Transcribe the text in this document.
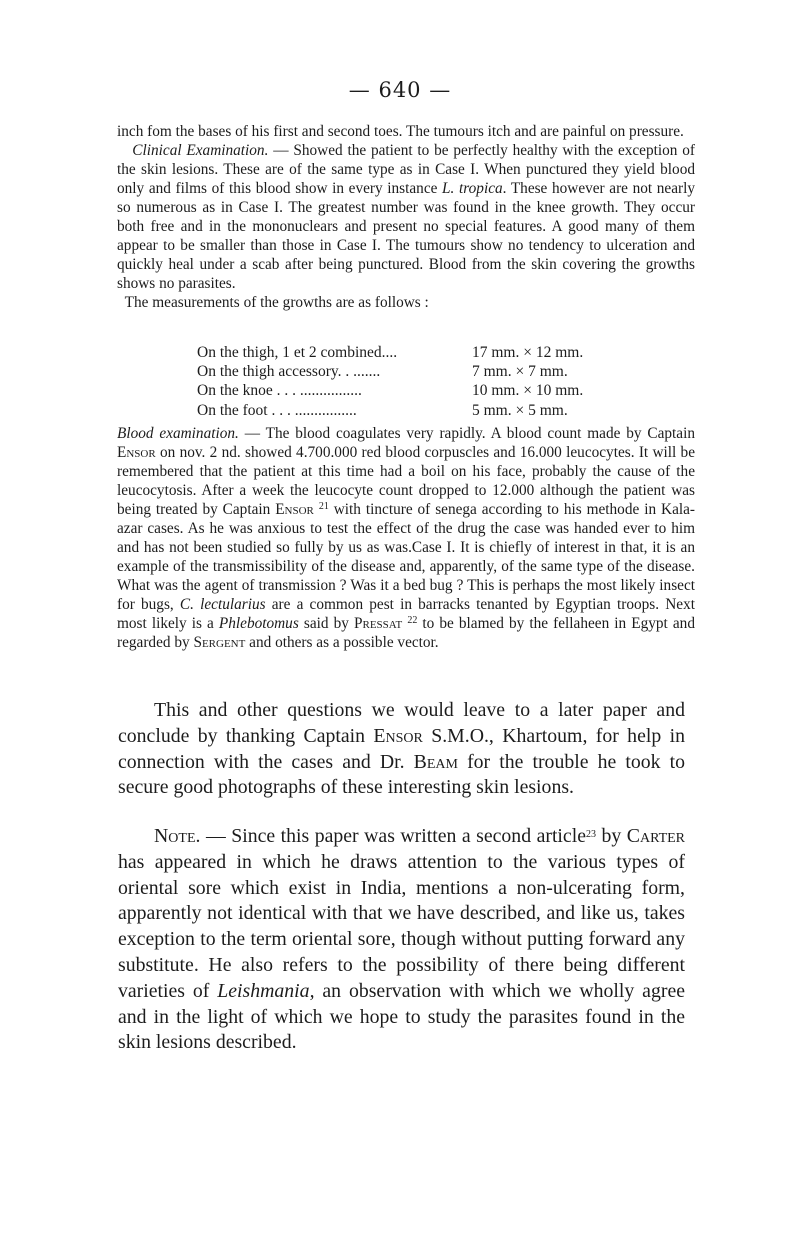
— 640 —

inch fom the bases of his first and second toes. The tumours itch and are painful on pressure.

 Clinical Examination. — Showed the patient to be perfectly healthy with the exception of the skin lesions. These are of the same type as in Case I. When punctured they yield blood only and films of this blood show in every instance L. tropica. These however are not nearly so numerous as in Case I. The greatest number was found in the knee growth. They occur both free and in the mononuclears and present no special features. A good many of them appear to be smaller than those in Case I. The tumours show no tendency to ulceration and quickly heal under a scab after being punctured. Blood from the skin covering the growths shows no parasites.

 The measurements of the growths are as follows :

On the thigh, 1 et 2 combined....	17 mm. × 12 mm.
On the thigh accessory. . .......	7 mm. × 7 mm.
On the knoe . . . ................	10 mm. × 10 mm.
On the foot . . . ................	5 mm. × 5 mm.

Blood examination. — The blood coagulates very rapidly. A blood count made by Captain Ensor on nov. 2 nd. showed 4.700.000 red blood corpuscles and 16.000 leucocytes. It will be remembered that the patient at this time had a boil on his face, probably the cause of the leucocytosis. After a week the leucocyte count dropped to 12.000 although the patient was being treated by Captain Ensor $^{21}$ with tincture of senega according to his methode in Kala-azar cases. As he was anxious to test the effect of the drug the case was handed ever to him and has not been studied so fully by us as was.Case I. It is chiefly of interest in that, it is an example of the transmissibility of the disease and, apparently, of the same type of the disease. What was the agent of transmission ? Was it a bed bug ? This is perhaps the most likely insect for bugs, C. lectularius are a common pest in barracks tenanted by Egyptian troops. Next most likely is a Phlebotomus said by Pressat $^{22}$ to be blamed by the fellaheen in Egypt and regarded by Sergent and others as a possible vector.

This and other questions we would leave to a later paper and conclude by thanking Captain Ensor S.M.O., Khartoum, for help in connection with the cases and Dr. Beam for the trouble he took to secure good photographs of these interesting skin lesions.

Note. — Since this paper was written a second article$^{23}$ by Carter has appeared in which he draws attention to the various types of oriental sore which exist in India, mentions a non-ulcerating form, apparently not identical with that we have described, and like us, takes exception to the term oriental sore, though without putting forward any substitute. He also refers to the possibility of there being different varieties of Leishmania, an observation with which we wholly agree and in the light of which we hope to study the parasites found in the skin lesions described.
